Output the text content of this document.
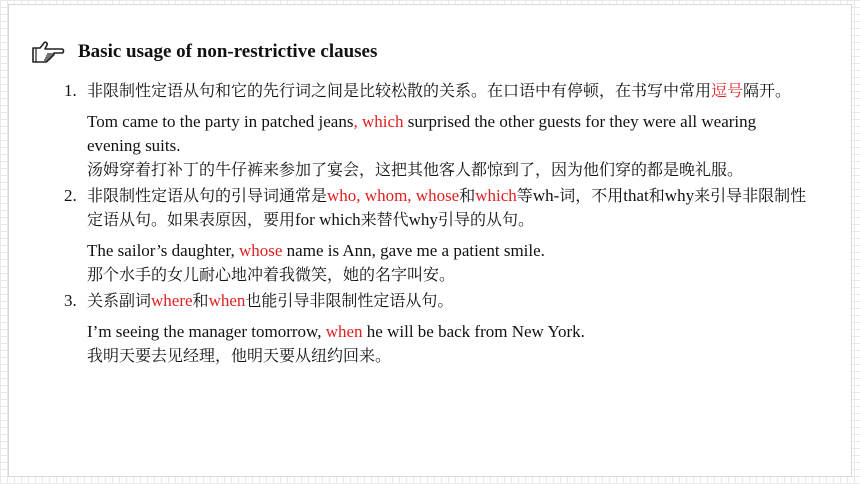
Basic usage of non-restrictive clauses
1. 非限制性定语从句和它的先行词之间是比较松散的关系。在口语中有停顿，在书写中常用逗号隔开。
Tom came to the party in patched jeans, which surprised the other guests for they were all wearing evening suits.
汤姆穿着打补丁的牛仔裤来参加了宴会，这把其他客人都惊到了，因为他们穿的都是晚礼服。
2. 非限制性定语从句的引导词通常是who, whom, whose和which等wh-词，不用that和why来引导非限制性定语从句。如果表原因，要用for which来替代why引导的从句。
The sailor’s daughter, whose name is Ann, gave me a patient smile.
那个水手的女儿耐心地冲着我微笑，她的名字叫安。
3. 关系副词where和when也能引导非限制性定语从句。
I’m seeing the manager tomorrow, when he will be back from New York.
我明天要去见经理，他明天要从纽约回来。
